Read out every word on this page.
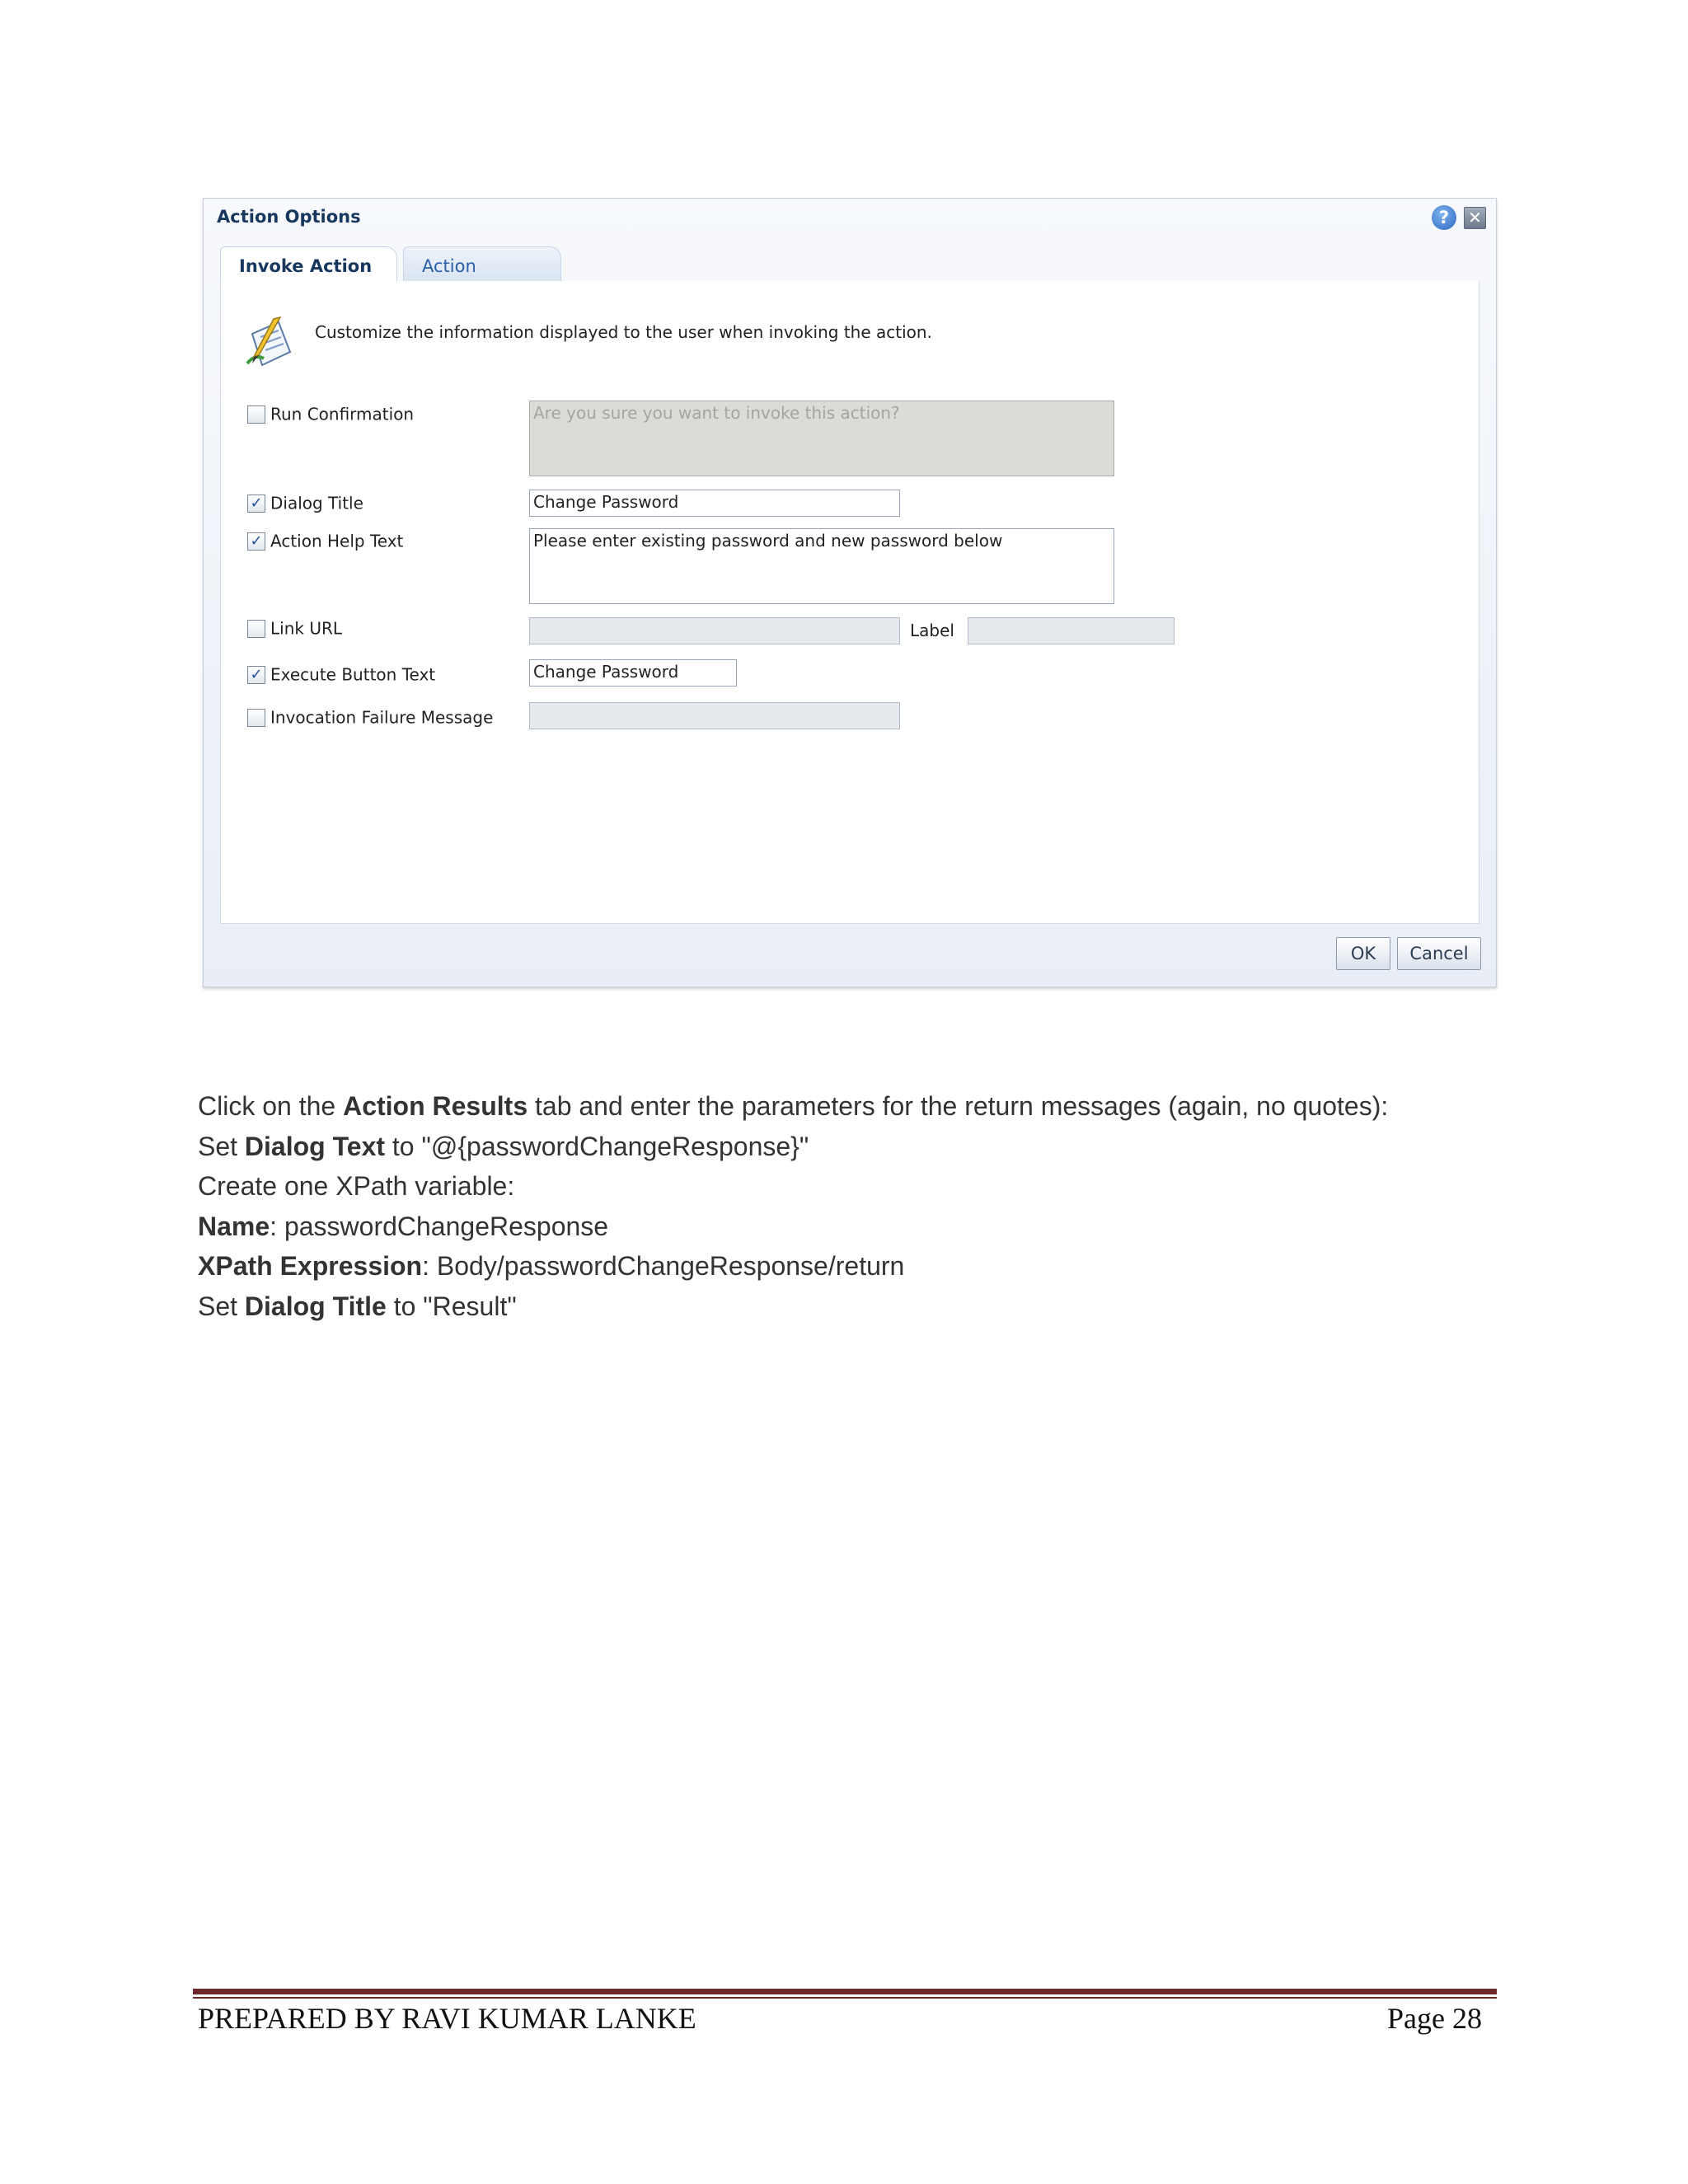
Action Options	?	✕
Invoke Action	Action
Customize the information displayed to the user when invoking the action.
Run Confirmation	Are you sure you want to invoke this action?
✓ Dialog Title	Change Password
✓ Action Help Text	Please enter existing password and new password below
Link URL	Label
✓ Execute Button Text	Change Password
Invocation Failure Message
OK	Cancel

Click on the Action Results tab and enter the parameters for the return messages (again, no quotes):

Set Dialog Text to "@{passwordChangeResponse}"

Create one XPath variable:

Name: passwordChangeResponse

XPath Expression: Body/passwordChangeResponse/return

Set Dialog Title to "Result"

PREPARED BY RAVI KUMAR LANKE	Page 28
